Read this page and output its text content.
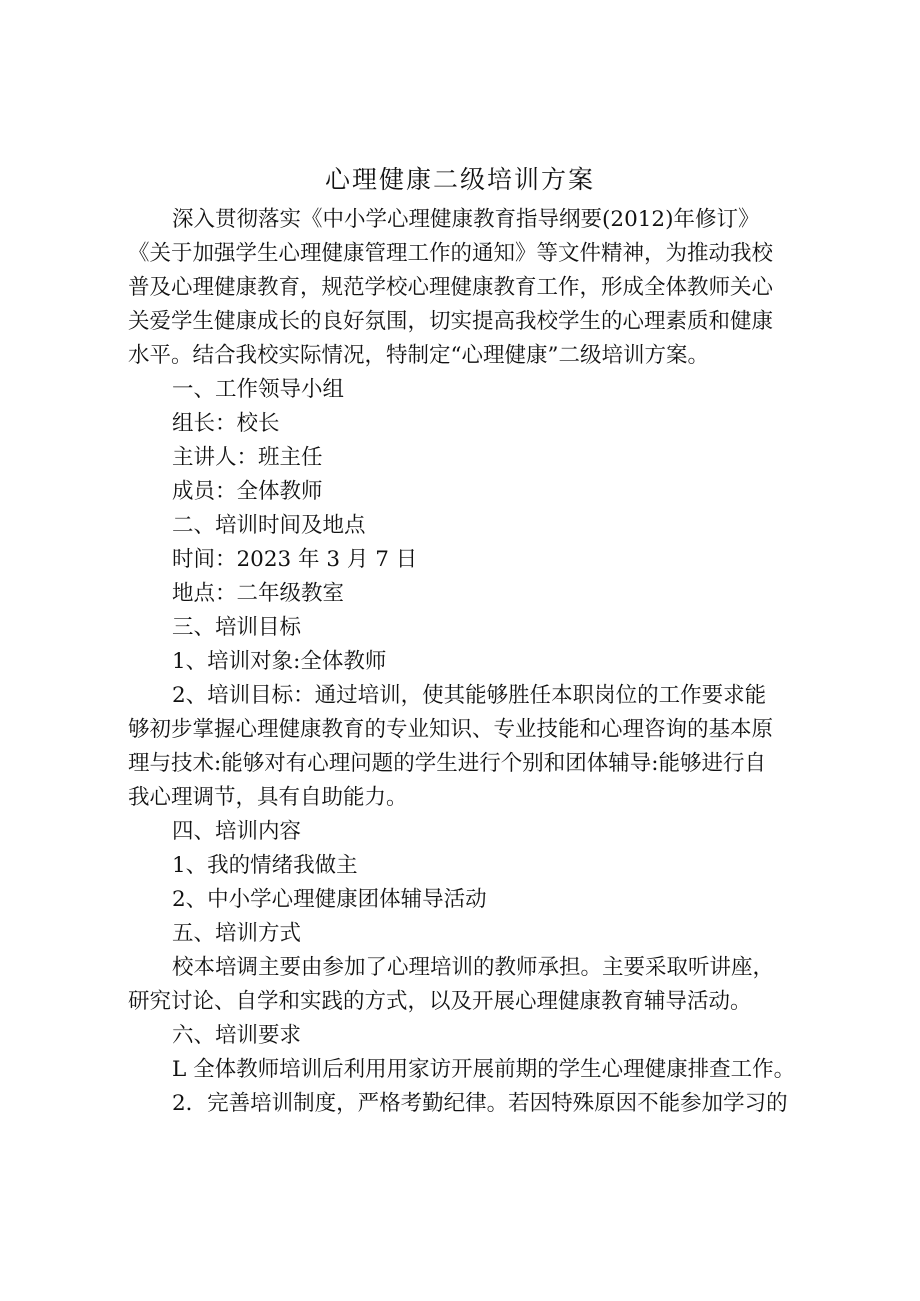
心理健康二级培训方案

深入贯彻落实《中小学心理健康教育指导纲要(2012)年修订》

《关于加强学生心理健康管理工作的通知》等文件精神，为推动我校

普及心理健康教育，规范学校心理健康教育工作，形成全体教师关心

关爱学生健康成长的良好氛围，切实提高我校学生的心理素质和健康

水平。结合我校实际情况，特制定“心理健康”二级培训方案。

一、工作领导小组

组长：校长

主讲人：班主任

成员：全体教师

二、培训时间及地点

时间：2023 年 3 月 7 日

地点：二年级教室

三、培训目标

1、培训对象:全体教师

2、培训目标：通过培训，使其能够胜任本职岗位的工作要求能

够初步掌握心理健康教育的专业知识、专业技能和心理咨询的基本原

理与技术:能够对有心理问题的学生进行个别和团体辅导:能够进行自

我心理调节，具有自助能力。

四、培训内容

1、我的情绪我做主

2、中小学心理健康团体辅导活动

五、培训方式

校本培调主要由参加了心理培训的教师承担。主要采取听讲座，

研究讨论、自学和实践的方式，以及开展心理健康教育辅导活动。

六、培训要求

L 全体教师培训后利用用家访开展前期的学生心理健康排查工作。

2．完善培训制度，严格考勤纪律。若因特殊原因不能参加学习的
